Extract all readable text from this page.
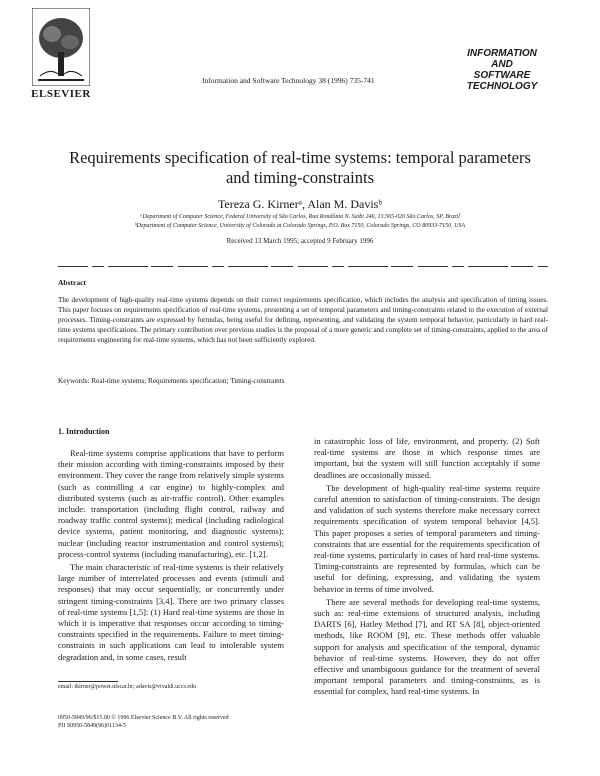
ELSEVIER
Information and Software Technology 38 (1996) 735-741
INFORMATION
AND
SOFTWARE
TECHNOLOGY
Requirements specification of real-time systems: temporal parameters
and timing-constraints
Tereza G. Kirnerᵃ, Alan M. Davisᵇ
ᵃDepartment of Computer Science, Federal University of São Carlos, Rua Rondônia N. Saibi 246, 13.565-020 São Carlos, SP, Brazil
ᵇDepartment of Computer Science, University of Colorado at Colorado Springs, P.O. Box 7150, Colorado Springs, CO 80933-7150, USA
Received 13 March 1995; accepted 9 February 1996
Abstract
The development of high-quality real-time systems depends on their correct requirements specification, which includes the analysis and specification of timing issues. This paper focuses on requirements specification of real-time systems, presenting a set of temporal parameters and timing-constraints related to the execution of external processes. Timing-constraints are expressed by formulas, being useful for defining, representing, and validating the system temporal behavior, particularly in hard real-time systems specifications. The primary contribution over previous studies is the proposal of a more generic and complete set of timing-constraints, applied to the area of requirements engineering for real-time systems, which has not been sufficiently explored.
Keywords: Real-time systems; Requirements specification; Timing-constraints
1. Introduction

Real-time systems comprise applications that have to perform their mission according with timing-constraints imposed by their environment. They cover the range from relatively simple systems (such as controlling a car engine) to highly-complex and distributed systems (such as air-traffic control). Other examples include: transportation (including flight control, railway and roadway traffic control systems); medical (including radiological device systems, patient monitoring, and diagnostic systems); nuclear (including reactor instrumentation and control systems); process-control systems (including manufacturing), etc. [1,2].

The main characteristic of real-time systems is their relatively large number of interrelated processes and events (stimuli and responses) that may occur sequentially, or concurrently under stringent timing-constraints [3,4]. There are two primary classes of real-time systems [1,5]: (1) Hard real-time systems are those in which it is imperative that responses occur according to timing-constraints specified in the requirements. Failure to meet timing-constraints in such applications can lead to intolerable system degradation and, in some cases, result

in catastrophic loss of life, environment, and property. (2) Soft real-time systems are those in which response times are important, but the system will still function acceptably if some deadlines are occasionally missed.

The development of high-quality real-time systems require careful attention to satisfaction of timing-constraints. The design and validation of such systems therefore make necessary correct requirements specification of system temporal behavior [4,5]. This paper proposes a series of temporal parameters and timing-constraints that are essential for the requirements specification of real-time systems, particularly in cases of hard real-time systems. Timing-constraints are represented by formulas, which can be useful for defining, expressing, and validating the system behavior in terms of time involved.

There are several methods for developing real-time systems, such as: real-time extensions of structured analysis, including DARTS [6], Hatley Method [7], and RT SA [8], object-oriented methods, like ROOM [9], etc. These methods offer valuable support for analysis and specification of the temporal, dynamic behavior of real-time systems. However, they do not offer effective and unambiguous guidance for the treatment of several important temporal parameters and timing-constraints, as is essential for complex, hard real-time systems. In

email: tkirner@power.ufscar.br; adavis@vivaldi.uccs.edu
0950-5849/96/$15.00 © 1996 Elsevier Science B.V. All rights reserved
PII S0950-5849(96)01134-5
